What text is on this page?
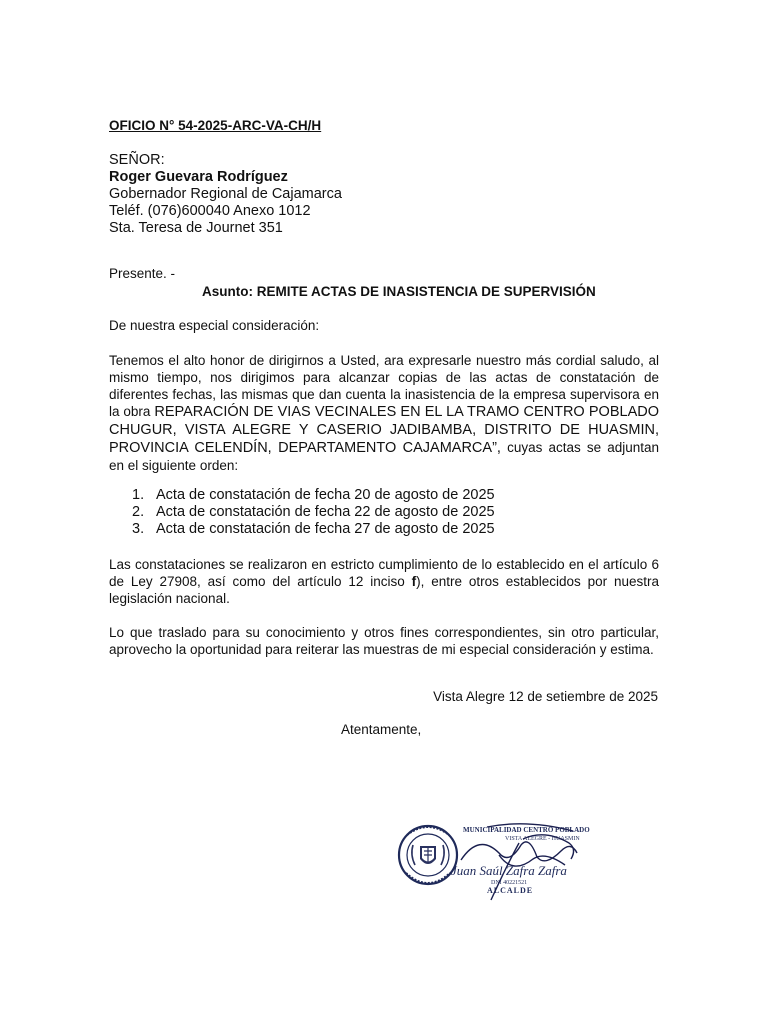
OFICIO N° 54-2025-ARC-VA-CH/H
SEÑOR:
Roger Guevara Rodríguez
Gobernador Regional de Cajamarca
Teléf. (076)600040 Anexo 1012
Sta. Teresa de Journet 351
Presente. -
Asunto: REMITE ACTAS DE INASISTENCIA DE SUPERVISIÓN
De nuestra especial consideración:
Tenemos el alto honor de dirigirnos a Usted, ara expresarle nuestro más cordial saludo, al mismo tiempo, nos dirigimos para alcanzar copias de las actas de constatación de diferentes fechas, las mismas que dan cuenta la inasistencia de la empresa supervisora en la obra REPARACIÓN DE VIAS VECINALES EN EL LA TRAMO CENTRO POBLADO CHUGUR, VISTA ALEGRE Y CASERIO JADIBAMBA, DISTRITO DE HUASMIN, PROVINCIA CELENDÍN, DEPARTAMENTO CAJAMARCA”, cuyas actas se adjuntan en el siguiente orden:
1. Acta de constatación de fecha 20 de agosto de 2025
2. Acta de constatación de fecha 22 de agosto de 2025
3. Acta de constatación de fecha 27 de agosto de 2025
Las constataciones se realizaron en estricto cumplimiento de lo establecido en el artículo 6 de Ley 27908, así como del artículo 12 inciso f), entre otros establecidos por nuestra legislación nacional.
Lo que traslado para su conocimiento y otros fines correspondientes, sin otro particular, aprovecho la oportunidad para reiterar las muestras de mi especial consideración y estima.
Vista Alegre 12 de setiembre de 2025
Atentamente,
MUNICIPALIDAD CENTRO POBLADO
VISTA ALEGRE - HUASMIN
Juan Saúl Zafra Zafra
DNI 40221521
ALCALDE
